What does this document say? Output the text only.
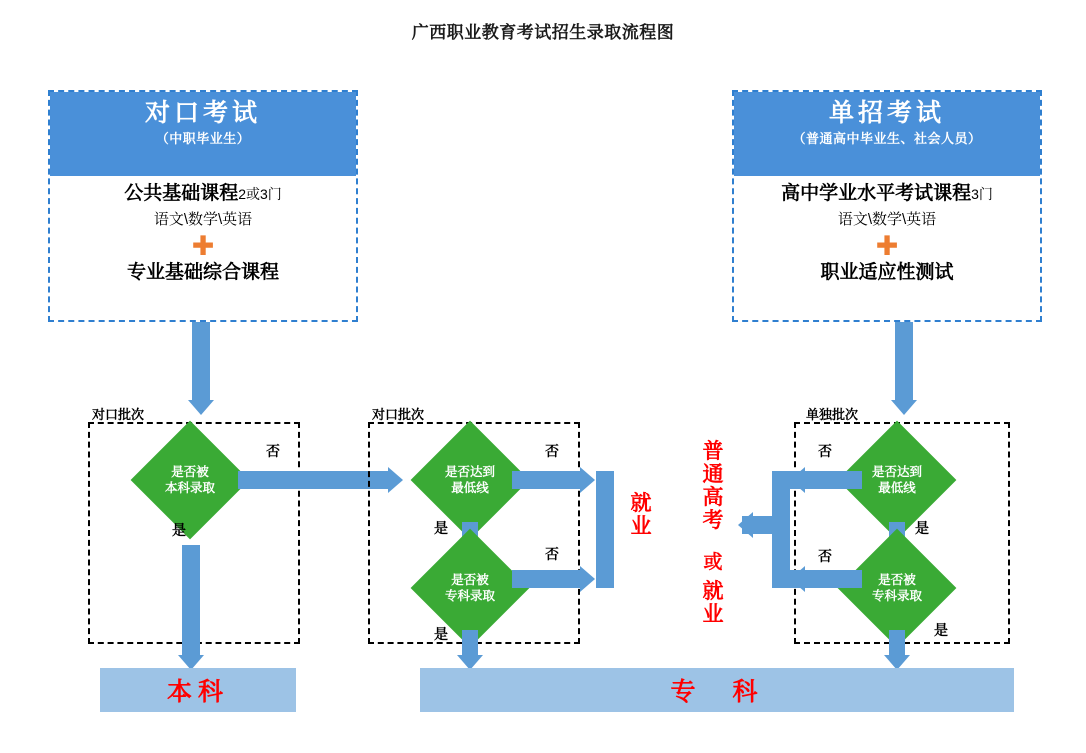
广西职业教育考试招生录取流程图
对口考试
（中职毕业生）
公共基础课程2或3门
语文\数学\英语
✚
专业基础综合课程
单招考试
（普通高中毕业生、社会人员）
高中学业水平考试课程3门
语文\数学\英语
✚
职业适应性测试
对口批次
是否被
本科录取
否
是
对口批次
是否达到
最低线
否
是
是否被
专科录取
否
是
就业
单独批次
是否达到
最低线
否
是
是否被
专科录取
否
是
普通高考
或
就业
本科	专　科
